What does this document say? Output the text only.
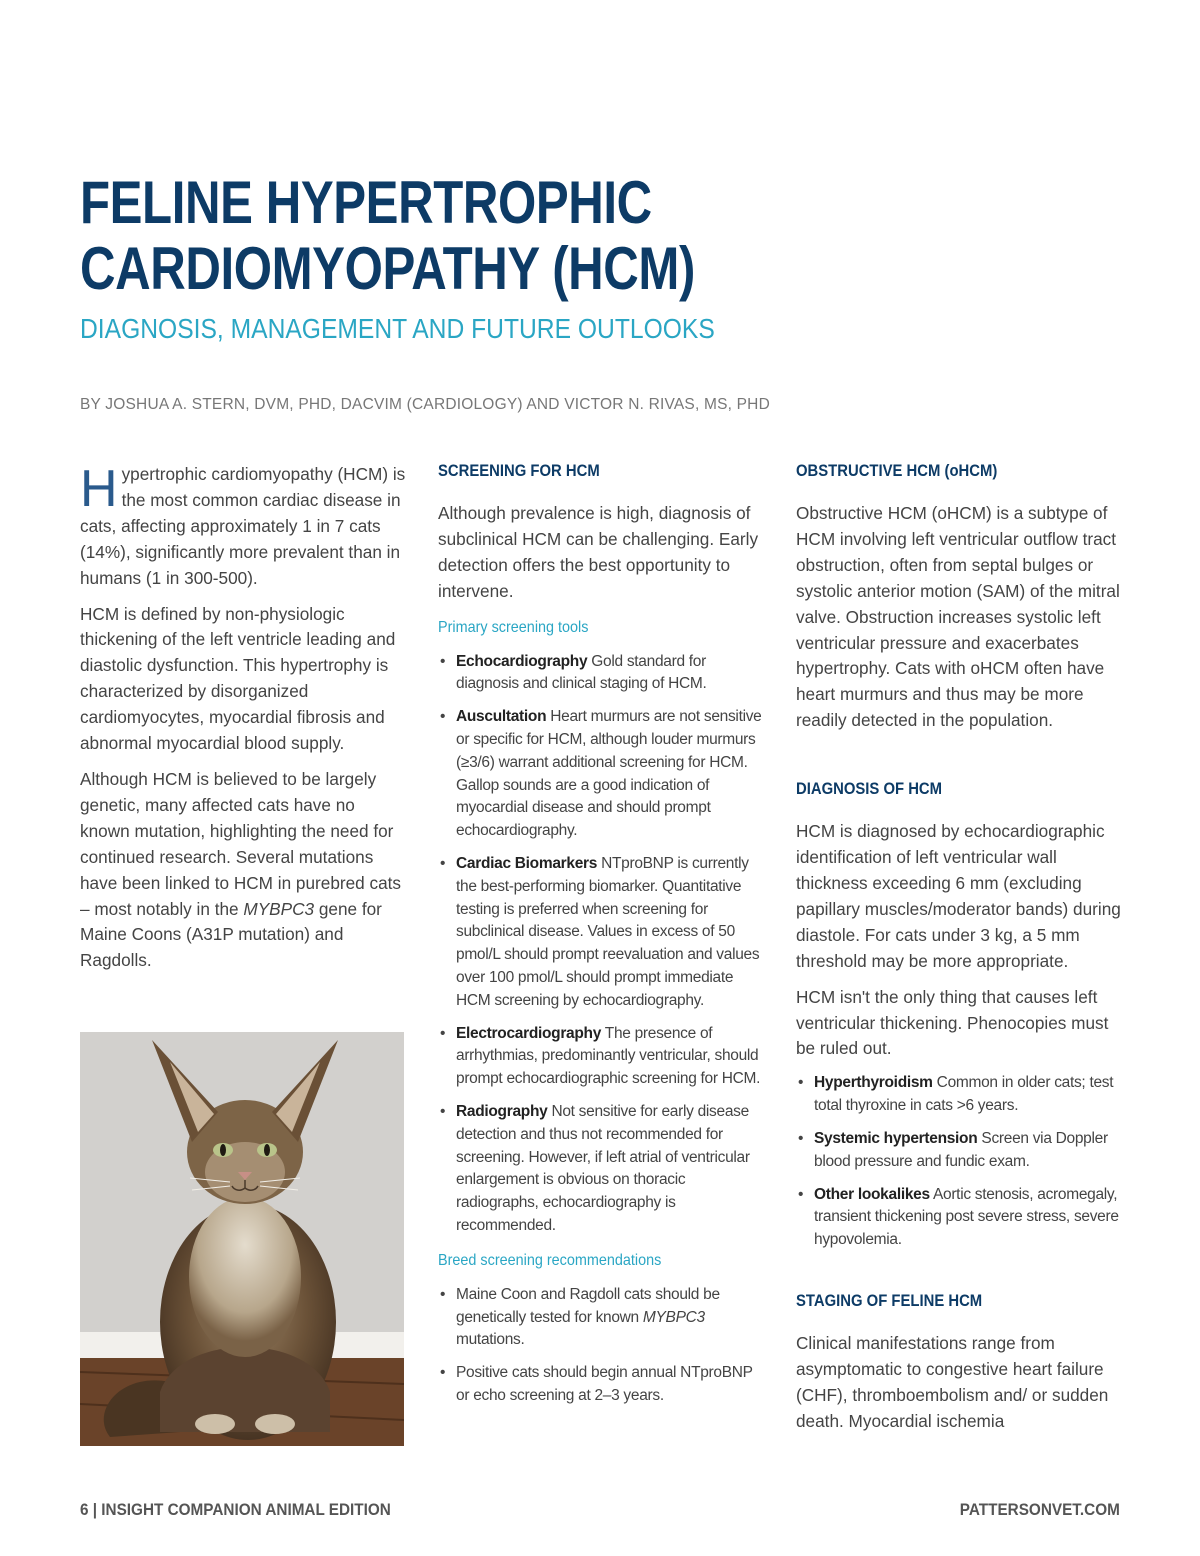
FELINE HYPERTROPHIC
CARDIOMYOPATHY (HCM)
DIAGNOSIS, MANAGEMENT AND FUTURE OUTLOOKS

BY JOSHUA A. STERN, DVM, PHD, DACVIM (CARDIOLOGY) AND VICTOR N. RIVAS, MS, PHD

Hypertrophic cardiomyopathy (HCM) is the most common cardiac disease in cats, affecting approximately 1 in 7 cats (14%), significantly more prevalent than in humans (1 in 300-500).

HCM is defined by non-physiologic thickening of the left ventricle leading and diastolic dysfunction. This hypertrophy is characterized by disorganized cardiomyocytes, myocardial fibrosis and abnormal myocardial blood supply.

Although HCM is believed to be largely genetic, many affected cats have no known mutation, highlighting the need for continued research. Several mutations have been linked to HCM in purebred cats – most notably in the MYBPC3 gene for Maine Coons (A31P mutation) and Ragdolls.

SCREENING FOR HCM

Although prevalence is high, diagnosis of subclinical HCM can be challenging. Early detection offers the best opportunity to intervene.

Primary screening tools
• Echocardiography Gold standard for diagnosis and clinical staging of HCM.
• Auscultation Heart murmurs are not sensitive or specific for HCM, although louder murmurs (≥3/6) warrant additional screening for HCM. Gallop sounds are a good indication of myocardial disease and should prompt echocardiography.
• Cardiac Biomarkers NTproBNP is currently the best-performing biomarker. Quantitative testing is preferred when screening for subclinical disease. Values in excess of 50 pmol/L should prompt reevaluation and values over 100 pmol/L should prompt immediate HCM screening by echocardiography.
• Electrocardiography The presence of arrhythmias, predominantly ventricular, should prompt echocardiographic screening for HCM.
• Radiography Not sensitive for early disease detection and thus not recommended for screening. However, if left atrial of ventricular enlargement is obvious on thoracic radiographs, echocardiography is recommended.
Breed screening recommendations
• Maine Coon and Ragdoll cats should be genetically tested for known MYBPC3 mutations.
• Positive cats should begin annual NTproBNP or echo screening at 2–3 years.
OBSTRUCTIVE HCM (oHCM)

Obstructive HCM (oHCM) is a subtype of HCM involving left ventricular outflow tract obstruction, often from septal bulges or systolic anterior motion (SAM) of the mitral valve. Obstruction increases systolic left ventricular pressure and exacerbates hypertrophy. Cats with oHCM often have heart murmurs and thus may be more readily detected in the population.

DIAGNOSIS OF HCM

HCM is diagnosed by echocardiographic identification of left ventricular wall thickness exceeding 6 mm (excluding papillary muscles/moderator bands) during diastole. For cats under 3 kg, a 5 mm threshold may be more appropriate.

HCM isn't the only thing that causes left ventricular thickening. Phenocopies must be ruled out.

• Hyperthyroidism Common in older cats; test total thyroxine in cats >6 years.
• Systemic hypertension Screen via Doppler blood pressure and fundic exam.
• Other lookalikes Aortic stenosis, acromegaly, transient thickening post severe stress, severe hypovolemia.
STAGING OF FELINE HCM

Clinical manifestations range from asymptomatic to congestive heart failure (CHF), thromboembolism and/ or sudden death. Myocardial ischemia

6 | INSIGHT COMPANION ANIMAL EDITION	PATTERSONVET.COM
